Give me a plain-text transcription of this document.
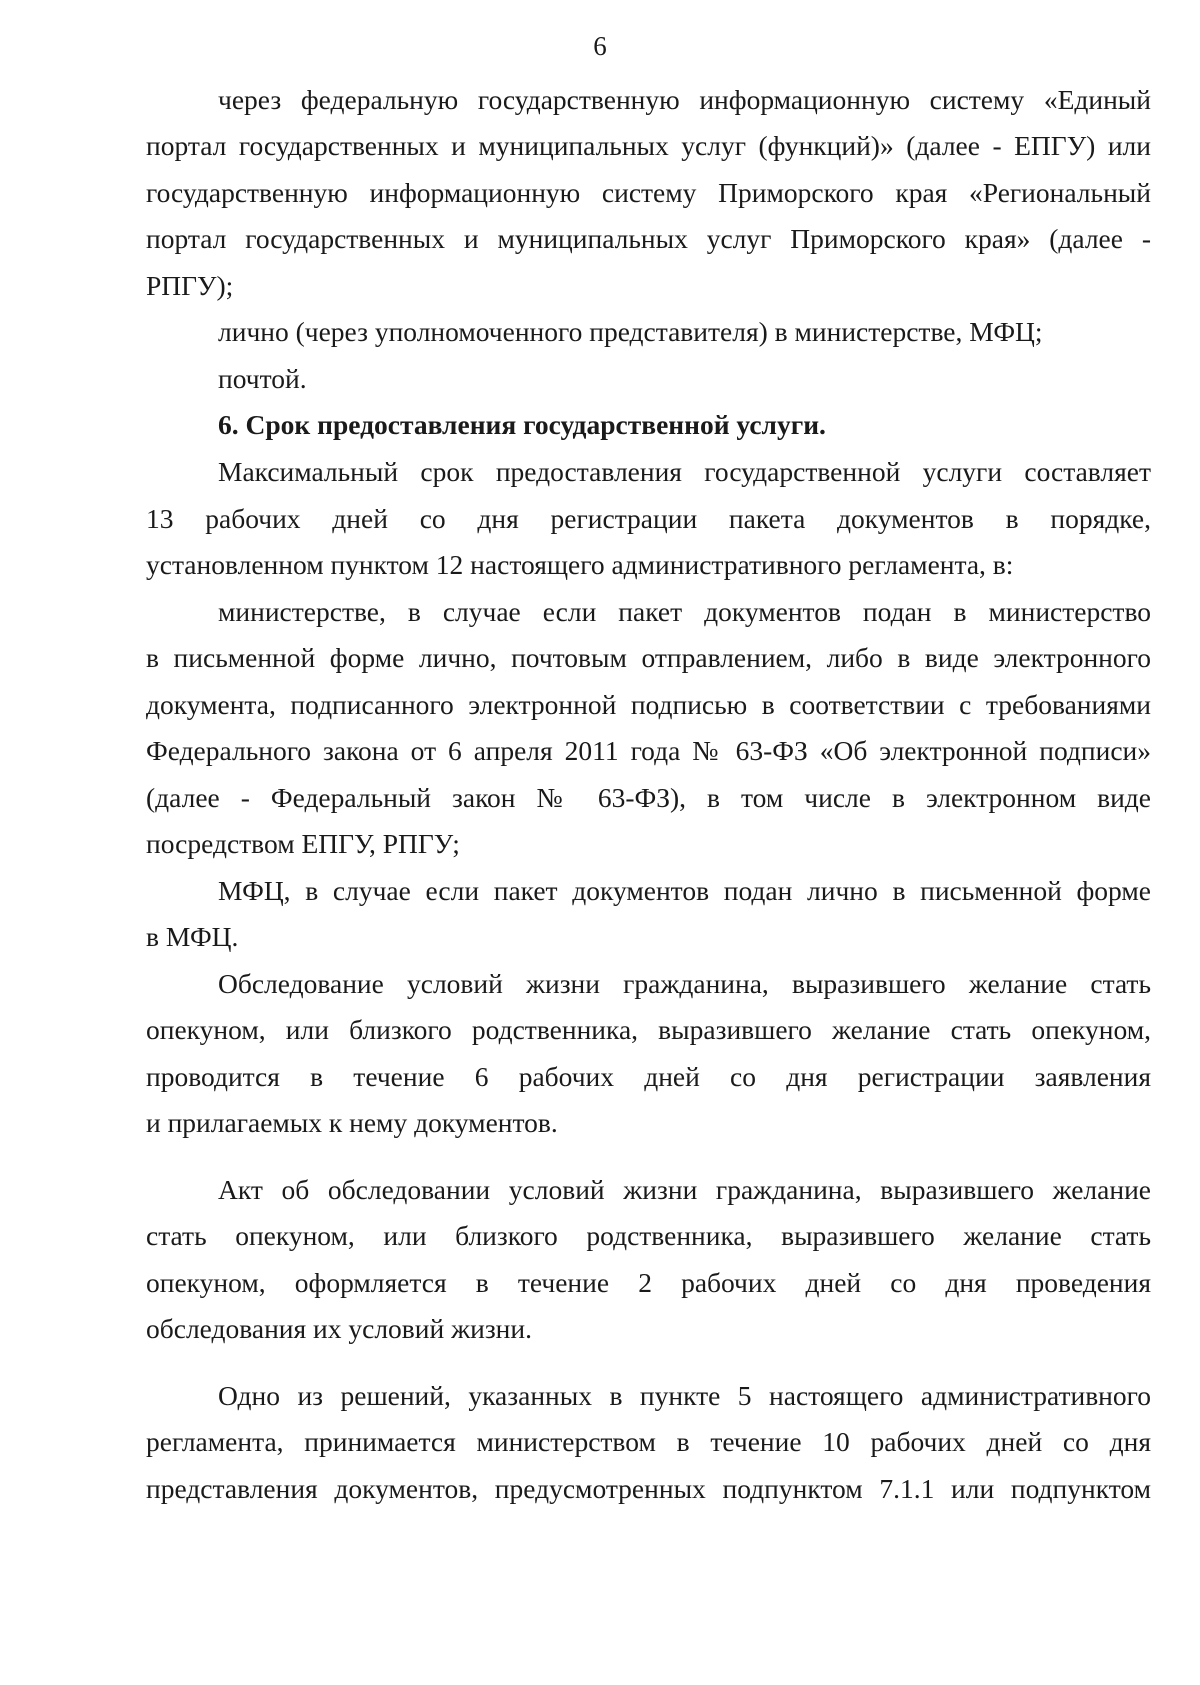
6
через федеральную государственную информационную систему «Единый
портал государственных и муниципальных услуг (функций)» (далее - ЕПГУ) или
государственную информационную систему Приморского края «Региональный
портал государственных и муниципальных услуг Приморского края» (далее -
РПГУ);
лично (через уполномоченного представителя) в министерстве, МФЦ;
почтой.
6. Срок предоставления государственной услуги.
Максимальный срок предоставления государственной услуги составляет
13 рабочих дней со дня регистрации пакета документов в порядке,
установленном пунктом 12 настоящего административного регламента, в:
министерстве, в случае если пакет документов подан в министерство
в письменной форме лично, почтовым отправлением, либо в виде электронного
документа, подписанного электронной подписью в соответствии с требованиями
Федерального закона от 6 апреля 2011 года № 63-ФЗ «Об электронной подписи»
(далее - Федеральный закон № 63-ФЗ), в том числе в электронном виде
посредством ЕПГУ, РПГУ;
МФЦ, в случае если пакет документов подан лично в письменной форме
в МФЦ.
Обследование условий жизни гражданина, выразившего желание стать
опекуном, или близкого родственника, выразившего желание стать опекуном,
проводится в течение 6 рабочих дней со дня регистрации заявления
и прилагаемых к нему документов.
Акт об обследовании условий жизни гражданина, выразившего желание
стать опекуном, или близкого родственника, выразившего желание стать
опекуном, оформляется в течение 2 рабочих дней со дня проведения
обследования их условий жизни.
Одно из решений, указанных в пункте 5 настоящего административного
регламента, принимается министерством в течение 10 рабочих дней со дня
представления документов, предусмотренных подпунктом 7.1.1 или подпунктом
